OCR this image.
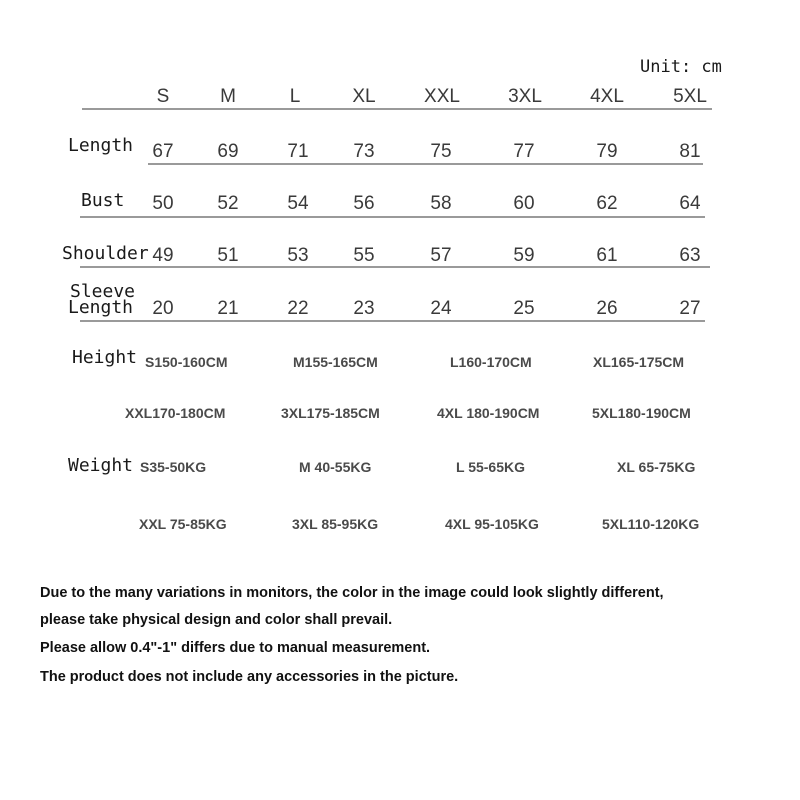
Unit: cm
S	M	L	XL	XXL	3XL	4XL	5XL
Length	67	69	71	73	75	77	79	81
Bust	50	52	54	56	58	60	62	64
Shoulder 49	51	53	55	57	59	61	63
Sleeve
Length	20	21	22	23	24	25	26	27
Height S150-160CM	M155-165CM	L160-170CM	XL165-175CM
XXL170-180CM	3XL175-185CM	4XL 180-190CM	5XL180-190CM
Weight S35-50KG	M 40-55KG	L 55-65KG	XL 65-75KG
XXL 75-85KG	3XL 85-95KG	4XL 95-105KG	5XL110-120KG
Due to the many variations in monitors, the color in the image could look slightly different,
please take physical design and color shall prevail.
Please allow 0.4"-1" differs due to manual measurement.
The product does not include any accessories in the picture.
